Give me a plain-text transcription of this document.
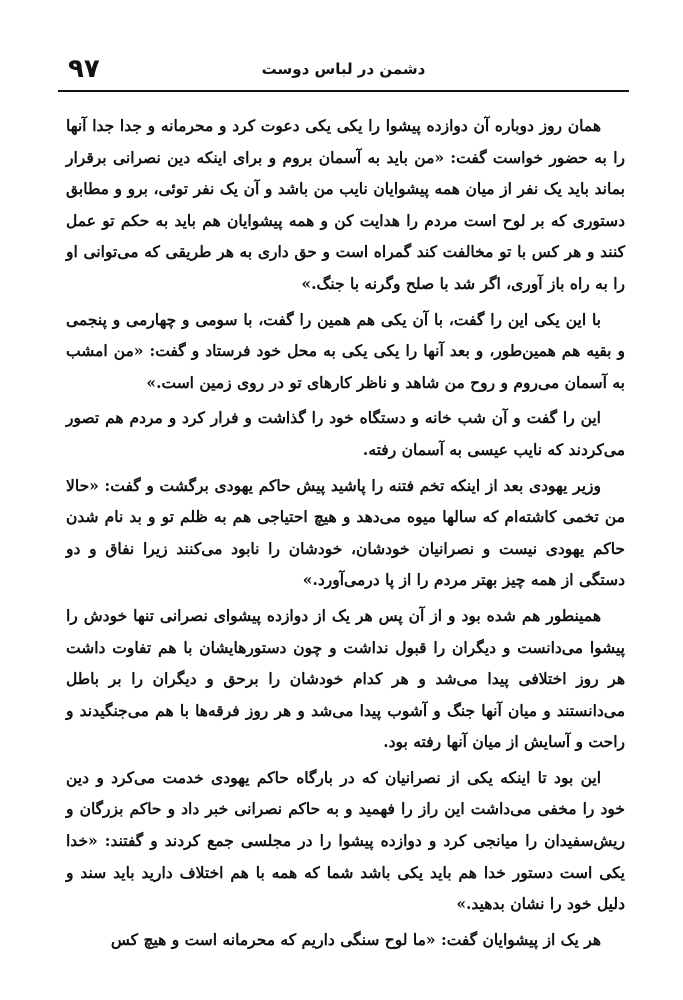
۹۷	دشمن در لباس دوست

همان روز دوباره آن دوازده پیشوا را یکی یکی دعوت کرد و محرمانه و جدا جدا آنها را به حضور خواست گفت: «من باید به آسمان بروم و برای اینکه دین نصرانی برقرار بماند باید یک نفر از میان همه پیشوایان نایب من باشد و آن یک نفر توئی، برو و مطابق دستوری که بر لوح است مردم را هدایت کن و همه پیشوایان هم باید به حکم تو عمل کنند و هر کس با تو مخالفت کند گمراه است و حق داری به هر طریقی که می‌توانی او را به راه باز آوری، اگر شد با صلح وگرنه با جنگ.»

با این یکی این را گفت، با آن یکی هم همین را گفت، با سومی و چهارمی و پنجمی و بقیه هم همین‌طور، و بعد آنها را یکی یکی به محل خود فرستاد و گفت: «من امشب به آسمان می‌روم و روح من شاهد و ناظر کارهای تو در روی زمین است.»

این را گفت و آن شب خانه و دستگاه خود را گذاشت و فرار کرد و مردم هم تصور می‌کردند که نایب عیسی به آسمان رفته.

وزیر یهودی بعد از اینکه تخم فتنه را پاشید پیش حاکم یهودی برگشت و گفت: «حالا من تخمی کاشته‌ام که سالها میوه می‌دهد و هیچ احتیاجی هم به ظلم تو و بد نام شدن حاکم یهودی نیست و نصرانیان خودشان، خودشان را نابود می‌کنند زیرا نفاق و دو دستگی از همه چیز بهتر مردم را از پا درمی‌آورد.»

همینطور هم شده بود و از آن پس هر یک از دوازده پیشوای نصرانی تنها خودش را پیشوا می‌دانست و دیگران را قبول نداشت و چون دستورهایشان با هم تفاوت داشت هر روز اختلافی پیدا می‌شد و هر کدام خودشان را برحق و دیگران را بر باطل می‌دانستند و میان آنها جنگ و آشوب پیدا می‌شد و هر روز فرقه‌ها با هم می‌جنگیدند و راحت و آسایش از میان آنها رفته بود.

این بود تا اینکه یکی از نصرانیان که در بارگاه حاکم یهودی خدمت می‌کرد و دین خود را مخفی می‌داشت این راز را فهمید و به حاکم نصرانی خبر داد و حاکم بزرگان و ریش‌سفیدان را میانجی کرد و دوازده پیشوا را در مجلسی جمع کردند و گفتند: «خدا یکی است دستور خدا هم باید یکی باشد شما که همه با هم اختلاف دارید باید سند و دلیل خود را نشان بدهید.»

هر یک از پیشوایان گفت: «ما لوح سنگی داریم که محرمانه است و هیچ کس
